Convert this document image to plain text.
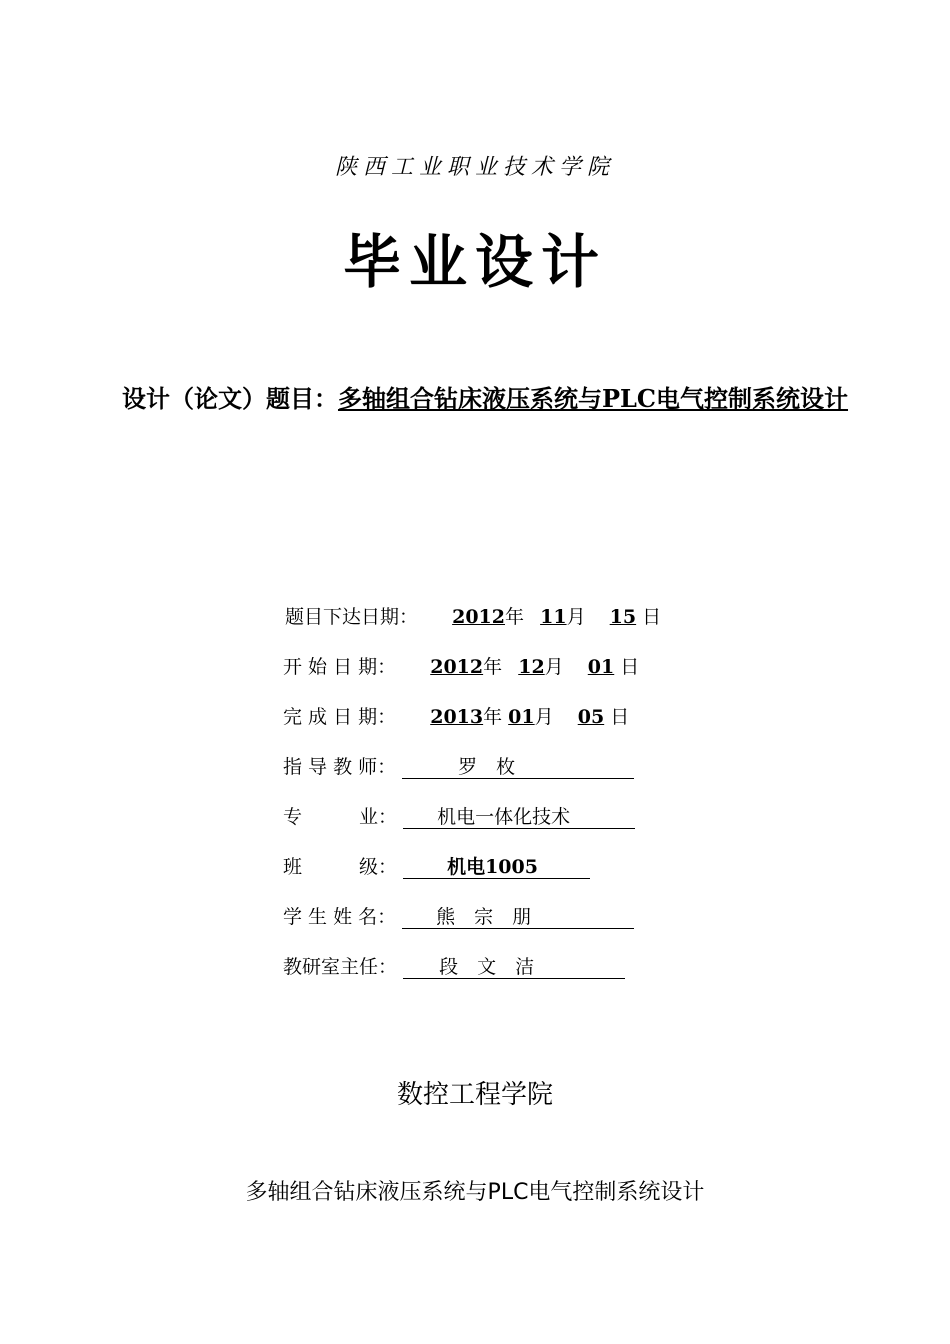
陕西工业职业技术学院
毕业设计
设计（论文）题目：多轴组合钻床液压系统与PLC电气控制系统设计
题目下达日期： 2012年 11月 15 日
开 始 日 期： 2012年 12月 01 日
完 成 日 期： 2013年 01月 05 日
指 导 教 师：	罗　枚
专　　　业： 机电一体化技术
班　　　级：	机电1005
学 生 姓 名： 熊　宗　朋
教研室主任： 段　文　洁
数控工程学院
多轴组合钻床液压系统与PLC电气控制系统设计
